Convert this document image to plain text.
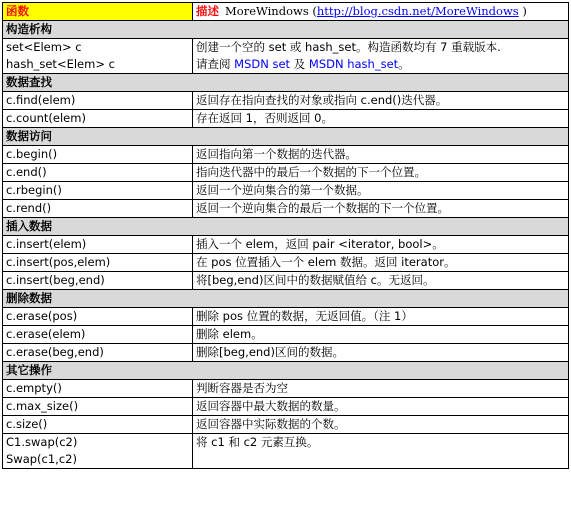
函数	描述 MoreWindows (http://blog.csdn.net/MoreWindows )
构造析构	

set<Elem> c
hash_set<Elem> c	创建一个空的 set 或 hash_set。构造函数均有 7 重载版本.
请查阅 MSDN set 及 MSDN hash_set。

数据查找	
c.find(elem)	返回存在指向查找的对象或指向 c.end()迭代器。
c.count(elem)	存在返回 1，否则返回 0。
数据访问	
c.begin()	返回指向第一个数据的迭代器。
c.end()	指向迭代器中的最后一个数据的下一个位置。
c.rbegin()	返回一个逆向集合的第一个数据。
c.rend()	返回一个逆向集合的最后一个数据的下一个位置。
插入数据	
c.insert(elem)	插入一个 elem，返回 pair <iterator, bool>。
c.insert(pos,elem)	在 pos 位置插入一个 elem 数据。返回 iterator。
c.insert(beg,end)	将[beg,end)区间中的数据赋值给 c。无返回。
删除数据	
c.erase(pos)	删除 pos 位置的数据，无返回值。（注 1）
c.erase(elem)	删除 elem。
c.erase(beg,end)	删除[beg,end)区间的数据。
其它操作	
c.empty()	判断容器是否为空
c.max_size()	返回容器中最大数据的数量。
c.size()	返回容器中实际数据的个数。

C1.swap(c2)
Swap(c1,c2)	将 c1 和 c2 元素互换。
